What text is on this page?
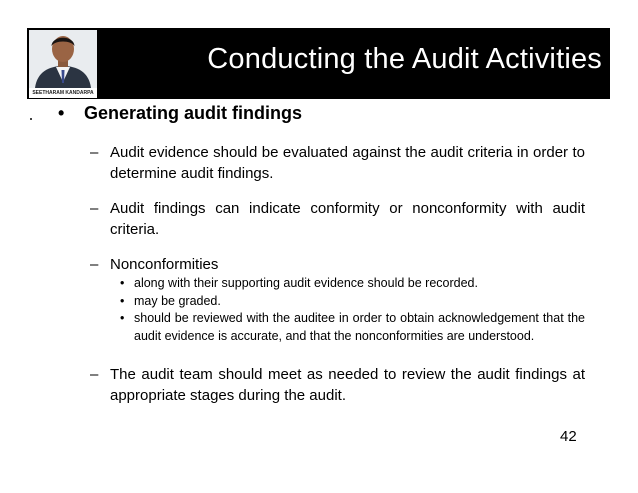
Conducting the Audit Activities
SEETHARAM KANDARPA
•	Generating audit findings
– Audit evidence should be evaluated against the audit criteria in order to determine audit findings.
– Audit findings can indicate conformity or nonconformity with audit criteria.
– Nonconformities
• along with their supporting audit evidence should be recorded.
• may be graded.
• should be reviewed with the auditee in order to obtain acknowledgement that the audit evidence is accurate, and that the nonconformities are understood.
– The audit team should meet as needed to review the audit findings at appropriate stages during the audit.
42
